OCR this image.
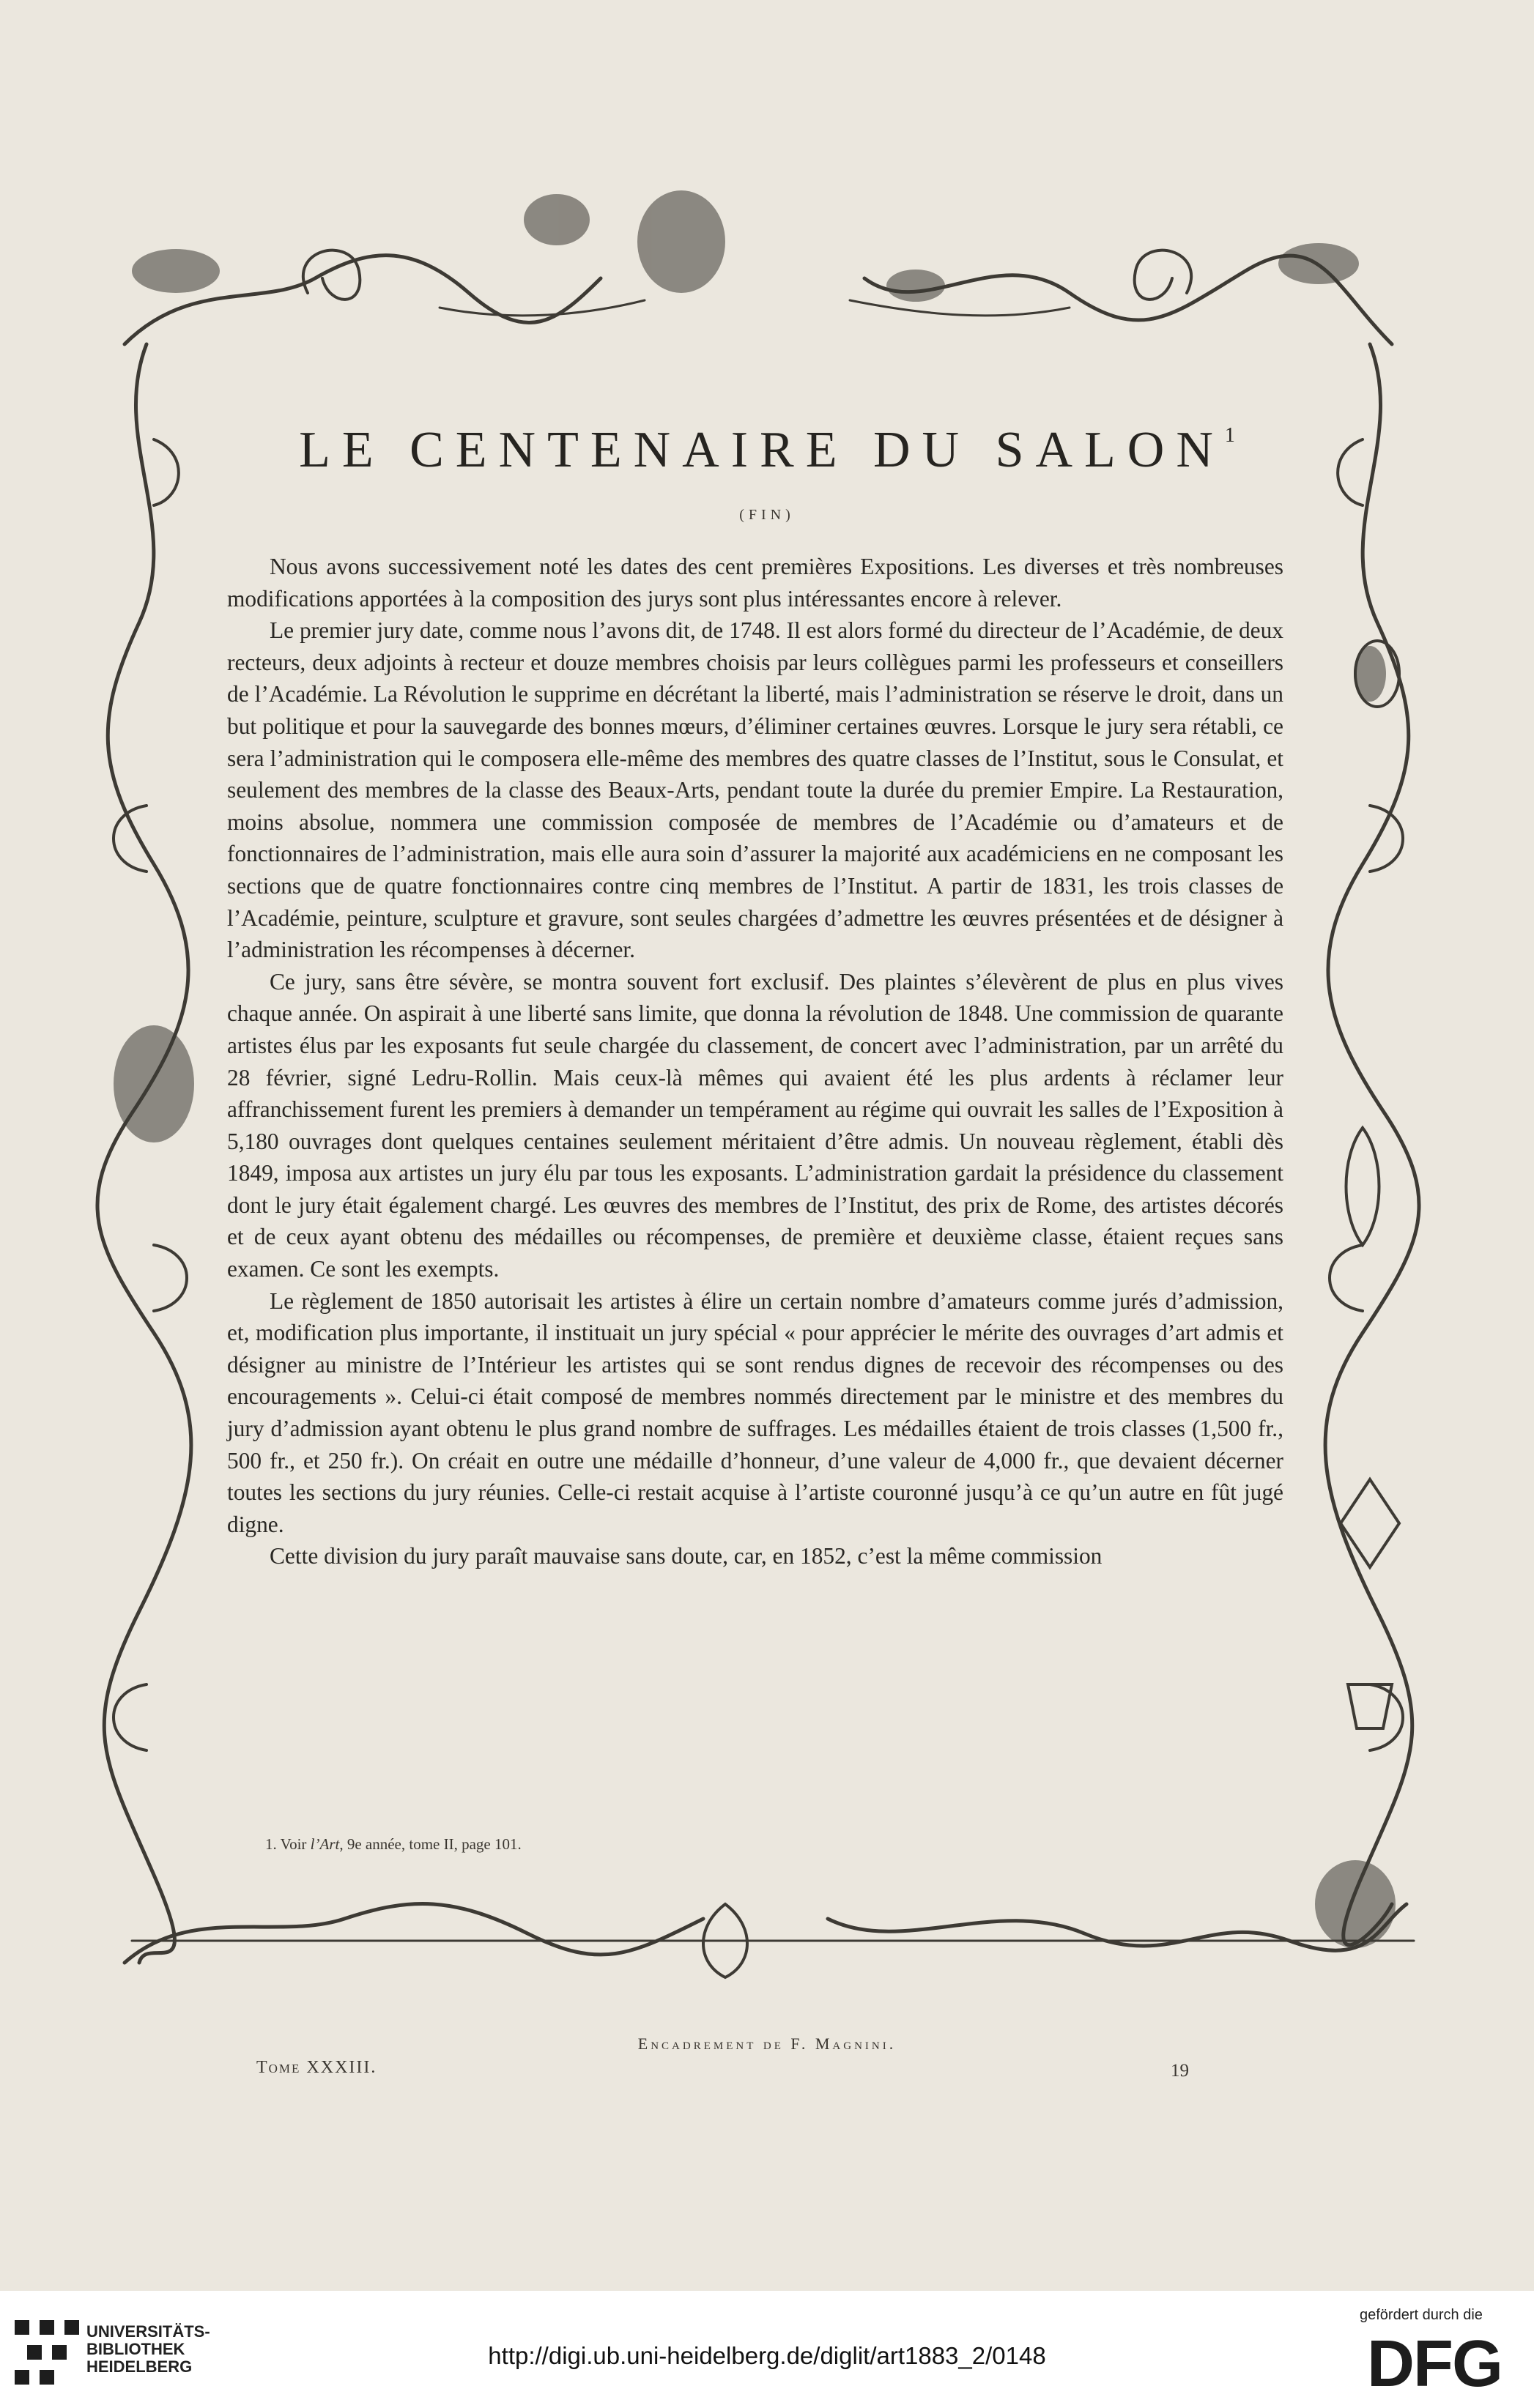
LE CENTENAIRE DU SALON$^1$
(FIN)

Nous avons successivement noté les dates des cent premières Expositions. Les diverses et très nombreuses modifications apportées à la composition des jurys sont plus intéressantes encore à relever.

Le premier jury date, comme nous l’avons dit, de 1748. Il est alors formé du directeur de l’Académie, de deux recteurs, deux adjoints à recteur et douze membres choisis par leurs collègues parmi les professeurs et conseillers de l’Académie. La Révolution le supprime en décrétant la liberté, mais l’administration se réserve le droit, dans un but politique et pour la sauvegarde des bonnes mœurs, d’éliminer certaines œuvres. Lorsque le jury sera rétabli, ce sera l’administration qui le composera elle-même des membres des quatre classes de l’Institut, sous le Consulat, et seulement des membres de la classe des Beaux-Arts, pendant toute la durée du premier Empire. La Restauration, moins absolue, nommera une commission composée de membres de l’Académie ou d’amateurs et de fonctionnaires de l’administration, mais elle aura soin d’assurer la majorité aux académiciens en ne composant les sections que de quatre fonctionnaires contre cinq membres de l’Institut. A partir de 1831, les trois classes de l’Académie, peinture, sculpture et gravure, sont seules chargées d’admettre les œuvres présentées et de désigner à l’administration les récompenses à décerner.

Ce jury, sans être sévère, se montra souvent fort exclusif. Des plaintes s’élevèrent de plus en plus vives chaque année. On aspirait à une liberté sans limite, que donna la révolution de 1848. Une commission de quarante artistes élus par les exposants fut seule chargée du classement, de concert avec l’administration, par un arrêté du 28 février, signé Ledru-Rollin. Mais ceux-là mêmes qui avaient été les plus ardents à réclamer leur affranchissement furent les premiers à demander un tempérament au régime qui ouvrait les salles de l’Exposition à 5,180 ouvrages dont quelques centaines seulement méritaient d’être admis. Un nouveau règlement, établi dès 1849, imposa aux artistes un jury élu par tous les exposants. L’administration gardait la présidence du classement dont le jury était également chargé. Les œuvres des membres de l’Institut, des prix de Rome, des artistes décorés et de ceux ayant obtenu des médailles ou récompenses, de première et deuxième classe, étaient reçues sans examen. Ce sont les exempts.

Le règlement de 1850 autorisait les artistes à élire un certain nombre d’amateurs comme jurés d’admission, et, modification plus importante, il instituait un jury spécial « pour apprécier le mérite des ouvrages d’art admis et désigner au ministre de l’Intérieur les artistes qui se sont rendus dignes de recevoir des récompenses ou des encouragements ». Celui-ci était composé de membres nommés directement par le ministre et des membres du jury d’admission ayant obtenu le plus grand nombre de suffrages. Les médailles étaient de trois classes (1,500 fr., 500 fr., et 250 fr.). On créait en outre une médaille d’honneur, d’une valeur de 4,000 fr., que devaient décerner toutes les sections du jury réunies. Celle-ci restait acquise à l’artiste couronné jusqu’à ce qu’un autre en fût jugé digne.

Cette division du jury paraît mauvaise sans doute, car, en 1852, c’est la même commission

1. Voir l’Art, 9e année, tome II, page 101.
Encadrement de F. Magnini.
Tome XXXIII.	19
UNIVERSITÄTS-
BIBLIOTHEK
HEIDELBERG	http://digi.ub.uni-heidelberg.de/diglit/art1883_2/0148
gefördert durch die
DFG
